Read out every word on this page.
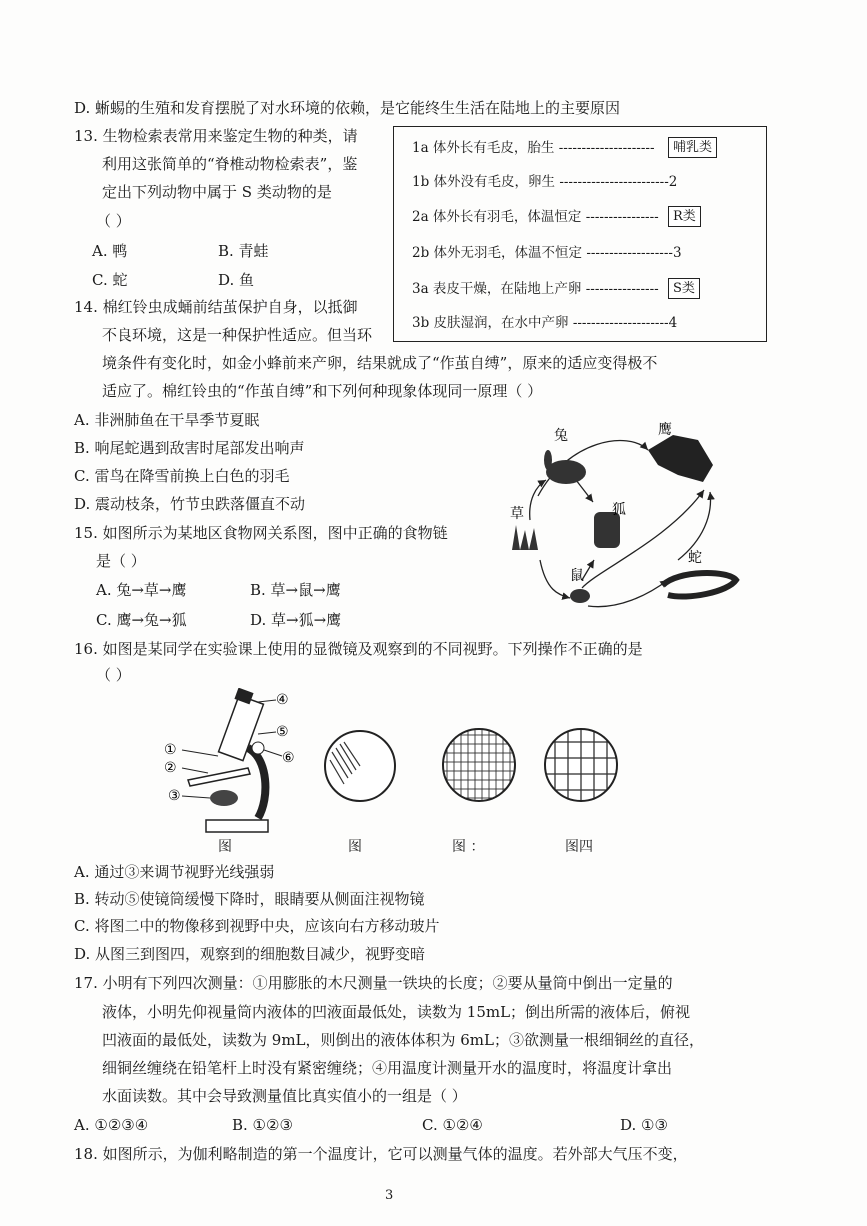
D. 蜥蜴的生殖和发育摆脱了对水环境的依赖，是它能终生生活在陆地上的主要原因
13. 生物检索表常用来鉴定生物的种类，请
利用这张简单的“脊椎动物检索表”，鉴
定出下列动物中属于 S 类动物的是
（ ）
A. 鸭	B. 青蛙
C. 蛇	D. 鱼
1a 体外长有毛皮，胎生 ---------------------	哺乳类
1b 体外没有毛皮，卵生 ------------------------2
2a 体外长有羽毛，体温恒定 ----------------	R类
2b 体外无羽毛，体温不恒定 -------------------3
3a 表皮干燥，在陆地上产卵 ----------------	S类
3b 皮肤湿润，在水中产卵 ---------------------4
14. 棉红铃虫成蛹前结茧保护自身，以抵御
不良环境，这是一种保护性适应。但当环
境条件有变化时，如金小蜂前来产卵，结果就成了“作茧自缚”，原来的适应变得极不
适应了。棉红铃虫的“作茧自缚”和下列何种现象体现同一原理（ ）
A. 非洲肺鱼在干旱季节夏眠
B. 响尾蛇遇到敌害时尾部发出响声
C. 雷鸟在降雪前换上白色的羽毛
D. 震动枝条，竹节虫跌落僵直不动
15. 如图所示为某地区食物网关系图，图中正确的食物链
是（ ）
A. 兔→草→鹰	B. 草→鼠→鹰
C. 鹰→兔→狐	D. 草→狐→鹰
兔	鹰
草	狐
鼠
蛇
16. 如图是某同学在实验课上使用的显微镜及观察到的不同视野。下列操作不正确的是
（ ）
①
②
③
④
⑤
⑥
图	图	图 ：	图四
A. 通过③来调节视野光线强弱
B. 转动⑤使镜筒缓慢下降时，眼睛要从侧面注视物镜
C. 将图二中的物像移到视野中央，应该向右方移动玻片
D. 从图三到图四，观察到的细胞数目减少，视野变暗
17. 小明有下列四次测量：①用膨胀的木尺测量一铁块的长度；②要从量筒中倒出一定量的
液体，小明先仰视量筒内液体的凹液面最低处，读数为 15mL；倒出所需的液体后，俯视
凹液面的最低处，读数为 9mL，则倒出的液体体积为 6mL；③欲测量一根细铜丝的直径，
细铜丝缠绕在铅笔杆上时没有紧密缠绕；④用温度计测量开水的温度时，将温度计拿出
水面读数。其中会导致测量值比真实值小的一组是（ ）
A. ①②③④	B. ①②③	C. ①②④	D. ①③
18. 如图所示，为伽利略制造的第一个温度计，它可以测量气体的温度。若外部大气压不变，
3
